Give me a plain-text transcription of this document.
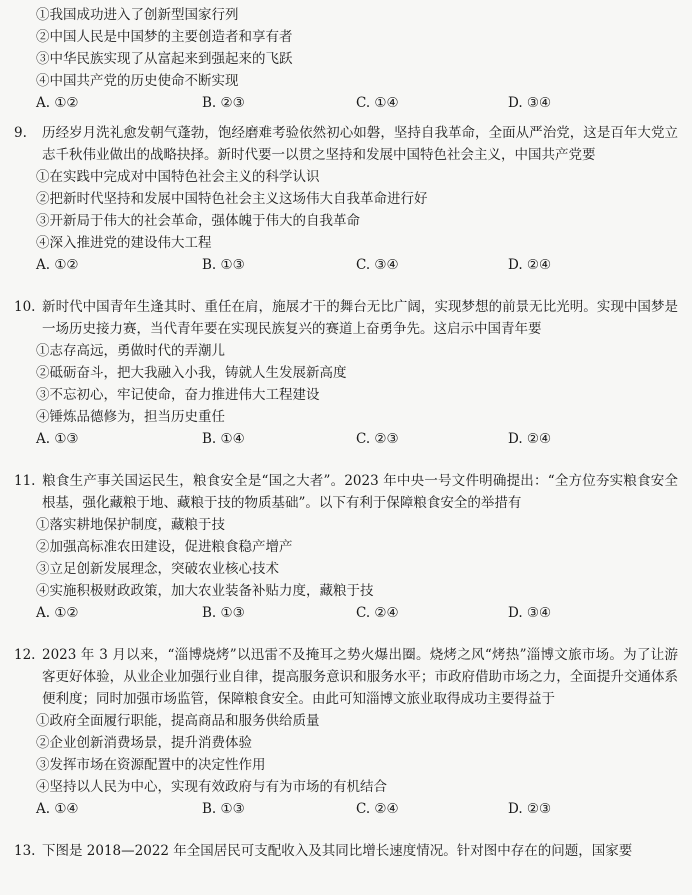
①我国成功进入了创新型国家行列
②中国人民是中国梦的主要创造者和享有者
③中华民族实现了从富起来到强起来的飞跃
④中国共产党的历史使命不断实现
A. ①②	B. ②③	C. ①④	D. ③④
9. 历经岁月洗礼愈发朝气蓬勃，饱经磨难考验依然初心如磐，坚持自我革命，全面从严治党，这是百年大党立志千秋伟业做出的战略抉择。新时代要一以贯之坚持和发展中国特色社会主义，中国共产党要
①在实践中完成对中国特色社会主义的科学认识
②把新时代坚持和发展中国特色社会主义这场伟大自我革命进行好
③开新局于伟大的社会革命，强体魄于伟大的自我革命
④深入推进党的建设伟大工程
A. ①②	B. ①③	C. ③④	D. ②④
10. 新时代中国青年生逢其时、重任在肩，施展才干的舞台无比广阔，实现梦想的前景无比光明。实现中国梦是一场历史接力赛，当代青年要在实现民族复兴的赛道上奋勇争先。这启示中国青年要
①志存高远，勇做时代的弄潮儿
②砥砺奋斗，把大我融入小我，铸就人生发展新高度
③不忘初心，牢记使命，奋力推进伟大工程建设
④锤炼品德修为，担当历史重任
A. ①③	B. ①④	C. ②③	D. ②④
11. 粮食生产事关国运民生，粮食安全是“国之大者”。2023 年中央一号文件明确提出：“全方位夯实粮食安全根基，强化藏粮于地、藏粮于技的物质基础”。以下有利于保障粮食安全的举措有
①落实耕地保护制度，藏粮于技
②加强高标准农田建设，促进粮食稳产增产
③立足创新发展理念，突破农业核心技术
④实施积极财政政策，加大农业装备补贴力度，藏粮于技
A. ①②	B. ①③	C. ②④	D. ③④
12. 2023 年 3 月以来，“淄博烧烤”以迅雷不及掩耳之势火爆出圈。烧烤之风“烤热”淄博文旅市场。为了让游客更好体验，从业企业加强行业自律，提高服务意识和服务水平；市政府借助市场之力，全面提升交通体系便利度；同时加强市场监管，保障粮食安全。由此可知淄博文旅业取得成功主要得益于
①政府全面履行职能，提高商品和服务供给质量
②企业创新消费场景，提升消费体验
③发挥市场在资源配置中的决定性作用
④坚持以人民为中心，实现有效政府与有为市场的有机结合
A. ①④	B. ①③	C. ②④	D. ②③
13. 下图是 2018—2022 年全国居民可支配收入及其同比增长速度情况。针对图中存在的问题，国家要
